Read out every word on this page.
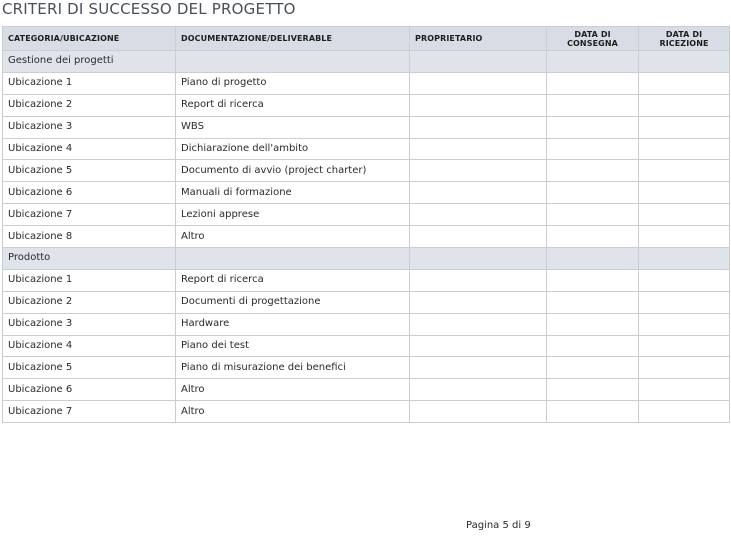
CRITERI DI SUCCESSO DEL PROGETTO
CATEGORIA/UBICAZIONE	DOCUMENTAZIONE/DELIVERABLE	PROPRIETARIO	DATA DI CONSEGNA	DATA DI RICEZIONE
Gestione dei progetti				
Ubicazione 1	Piano di progetto			
Ubicazione 2	Report di ricerca			
Ubicazione 3	WBS			
Ubicazione 4	Dichiarazione dell'ambito			
Ubicazione 5	Documento di avvio (project charter)			
Ubicazione 6	Manuali di formazione			
Ubicazione 7	Lezioni apprese			
Ubicazione 8	Altro			
Prodotto				
Ubicazione 1	Report di ricerca			
Ubicazione 2	Documenti di progettazione			
Ubicazione 3	Hardware			
Ubicazione 4	Piano dei test			
Ubicazione 5	Piano di misurazione dei benefici			
Ubicazione 6	Altro			
Ubicazione 7	Altro			
Pagina 5 di 9
